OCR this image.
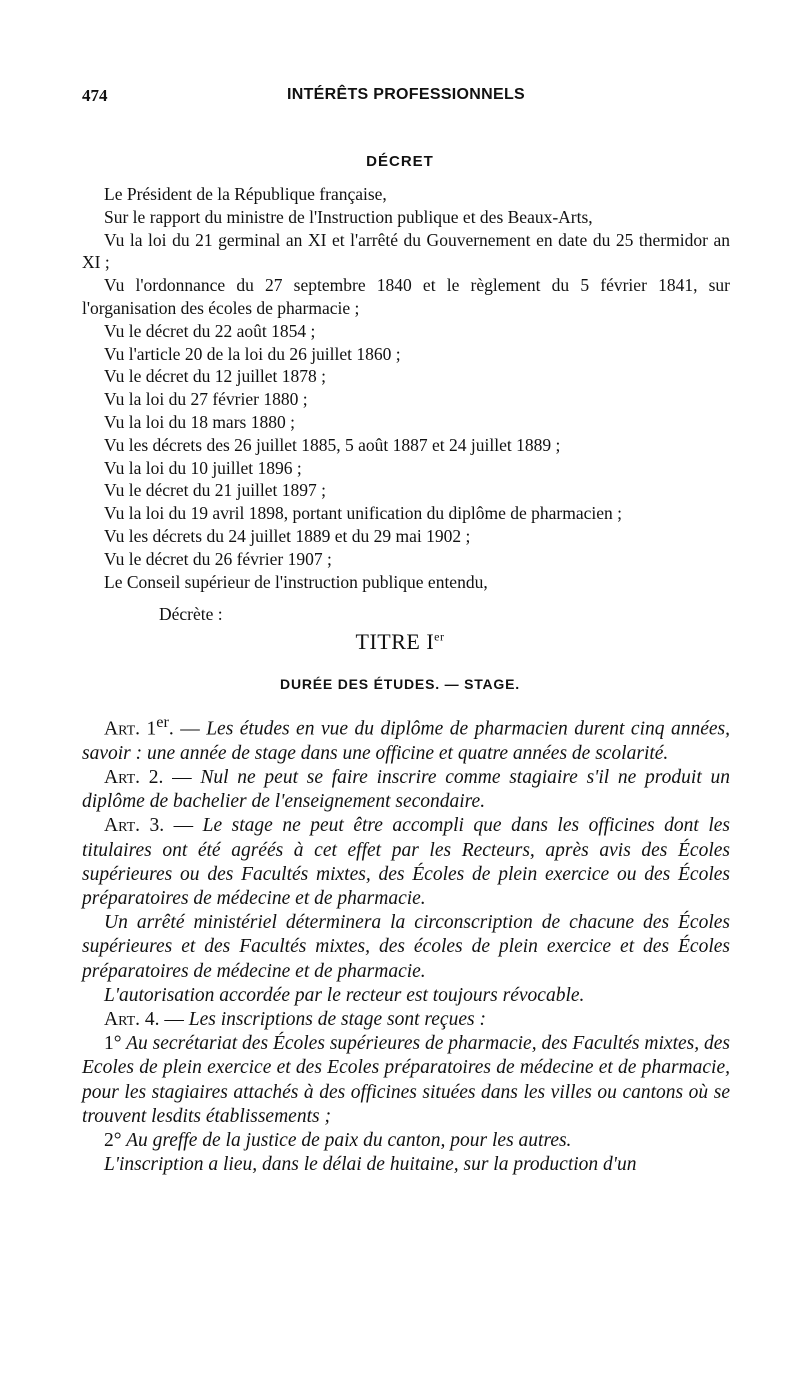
474	INTÉRÊTS PROFESSIONNELS
DÉCRET

Le Président de la République française,

Sur le rapport du ministre de l'Instruction publique et des Beaux-Arts,

Vu la loi du 21 germinal an XI et l'arrêté du Gouvernement en date du 25 thermidor an XI ;

Vu l'ordonnance du 27 septembre 1840 et le règlement du 5 février 1841, sur l'organisation des écoles de pharmacie ;

Vu le décret du 22 août 1854 ;

Vu l'article 20 de la loi du 26 juillet 1860 ;

Vu le décret du 12 juillet 1878 ;

Vu la loi du 27 février 1880 ;

Vu la loi du 18 mars 1880 ;

Vu les décrets des 26 juillet 1885, 5 août 1887 et 24 juillet 1889 ;

Vu la loi du 10 juillet 1896 ;

Vu le décret du 21 juillet 1897 ;

Vu la loi du 19 avril 1898, portant unification du diplôme de pharmacien ;

Vu les décrets du 24 juillet 1889 et du 29 mai 1902 ;

Vu le décret du 26 février 1907 ;

Le Conseil supérieur de l'instruction publique entendu,

Décrète :
TITRE Ier
DURÉE DES ÉTUDES. — STAGE.

Art. 1er. — Les études en vue du diplôme de pharmacien durent cinq années, savoir : une année de stage dans une officine et quatre années de scolarité.

Art. 2. — Nul ne peut se faire inscrire comme stagiaire s'il ne produit un diplôme de bachelier de l'enseignement secondaire.

Art. 3. — Le stage ne peut être accompli que dans les officines dont les titulaires ont été agréés à cet effet par les Recteurs, après avis des Écoles supérieures ou des Facultés mixtes, des Écoles de plein exercice ou des Écoles préparatoires de médecine et de pharmacie.

Un arrêté ministériel déterminera la circonscription de chacune des Écoles supérieures et des Facultés mixtes, des écoles de plein exercice et des Écoles préparatoires de médecine et de pharmacie.

L'autorisation accordée par le recteur est toujours révocable.

Art. 4. — Les inscriptions de stage sont reçues :

1° Au secrétariat des Écoles supérieures de pharmacie, des Facultés mixtes, des Ecoles de plein exercice et des Ecoles préparatoires de médecine et de pharmacie, pour les stagiaires attachés à des officines situées dans les villes ou cantons où se trouvent lesdits établissements ;

2° Au greffe de la justice de paix du canton, pour les autres.

L'inscription a lieu, dans le délai de huitaine, sur la production d'un
